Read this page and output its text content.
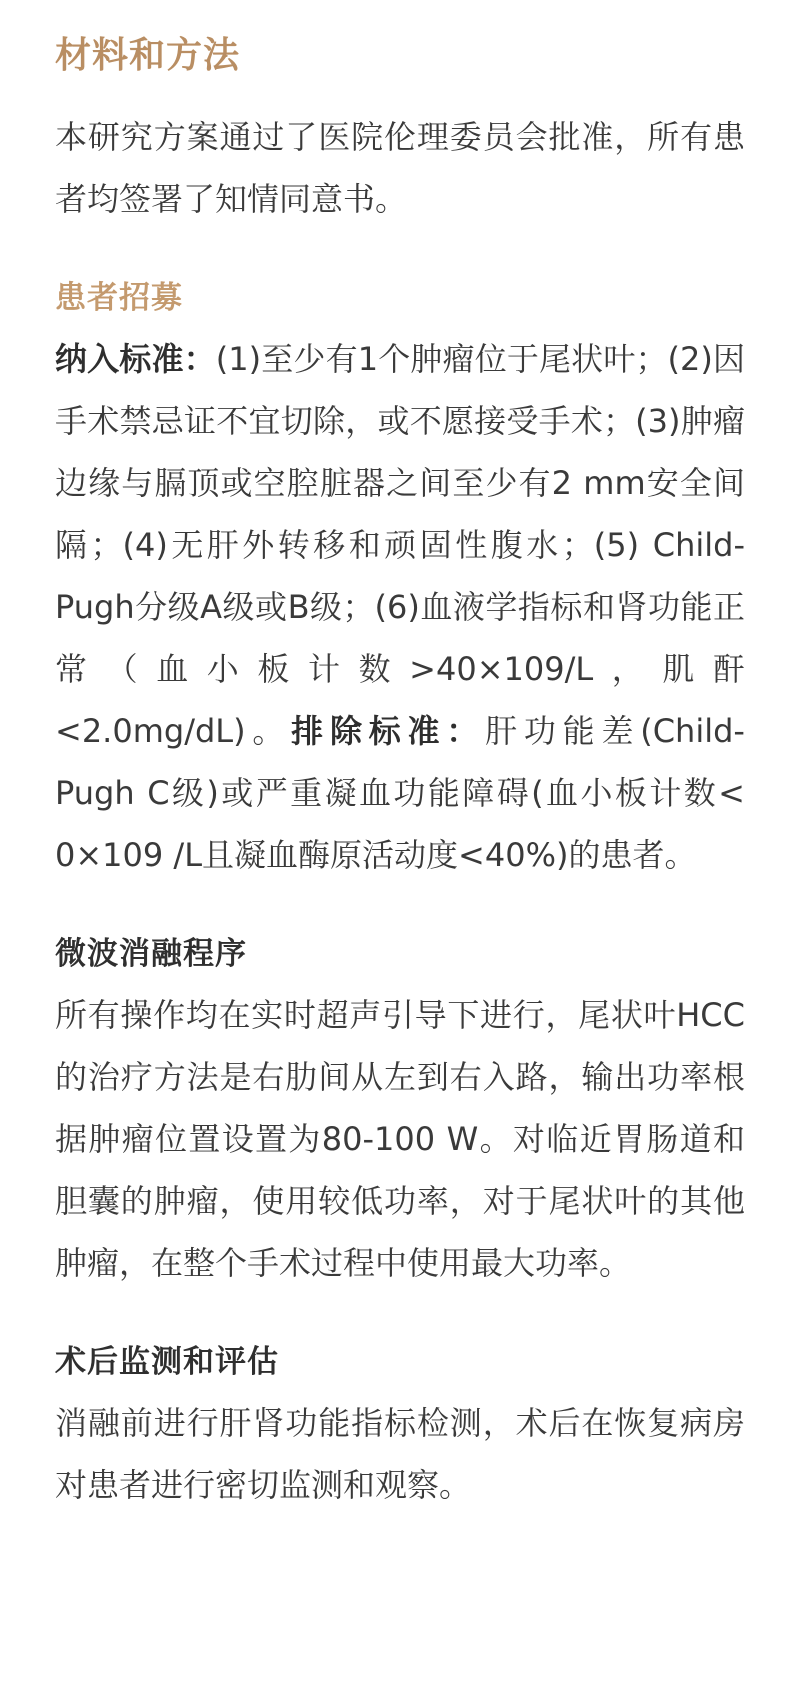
材料和方法

本研究方案通过了医院伦理委员会批准，所有患者均签署了知情同意书。

患者招募

纳入标准：(1)至少有1个肿瘤位于尾状叶；(2)因手术禁忌证不宜切除，或不愿接受手术；(3)肿瘤边缘与膈顶或空腔脏器之间至少有2 mm安全间隔；(4)无肝外转移和顽固性腹水；(5) Child-Pugh分级A级或B级；(6)血液学指标和肾功能正常（血小板计数>40×109/L，肌酐<2.0mg/dL)。排除标准：肝功能差(Child-Pugh C级)或严重凝血功能障碍(血小板计数< 0×109 /L且凝血酶原活动度<40%)的患者。

微波消融程序

所有操作均在实时超声引导下进行，尾状叶HCC的治疗方法是右肋间从左到右入路，输出功率根据肿瘤位置设置为80-100 W。对临近胃肠道和胆囊的肿瘤，使用较低功率，对于尾状叶的其他肿瘤，在整个手术过程中使用最大功率。

术后监测和评估

消融前进行肝肾功能指标检测，术后在恢复病房对患者进行密切监测和观察。
